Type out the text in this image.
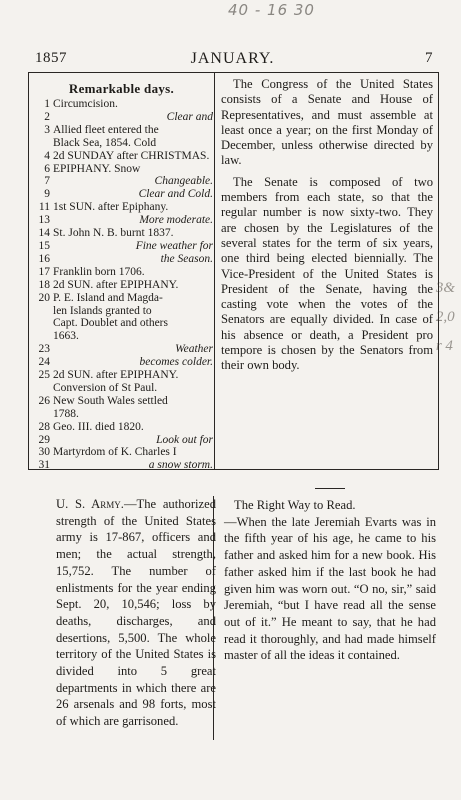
40 - 16 30
3&
2,0
r 4
1857	JANUARY.	7
Remarkable days.
1 Circumcision.
2	Clear and
3 Allied fleet entered the
Black Sea, 1854. Cold
4 2d SUNDAY after CHRISTMAS.
6 EPIPHANY. Snow
7	Changeable.
9	Clear and Cold.
11 1st SUN. after Epiphany.
13	More moderate.
14 St. John N. B. burnt 1837.
15	Fine weather for
16	the Season.
17 Franklin born 1706.
18 2d SUN. after EPIPHANY.
20 P. E. Island and Magda-
len Islands granted to
Capt. Doublet and others
1663.
23	Weather
24	becomes colder.
25 2d SUN. after EPIPHANY.
Conversion of St Paul.
26 New South Wales settled
1788.
28 Geo. III. died 1820.
29	Look out for
30 Martyrdom of K. Charles I
31	a snow storm.

The Congress of the United States consists of a Senate and House of Representatives, and must assemble at least once a year; on the first Monday of December, unless otherwise directed by law.

The Senate is composed of two members from each state, so that the regular number is now sixty-two. They are chosen by the Legislatures of the several states for the term of six years, one third being elected biennially. The Vice-President of the United States is President of the Senate, having the casting vote when the votes of the Senators are equally divided. In case of his absence or death, a President pro tempore is chosen by the Senators from their own body.

U. S. Army.—The authorized strength of the United States army is 17-867, officers and men; the actual strength, 15,752. The number of enlistments for the year ending Sept. 20, 10,546; loss by deaths, discharges, and desertions, 5,500. The whole territory of the United States is divided into 5 great departments in which there are 26 arsenals and 98 forts, most of which are garrisoned.
The Right Way to Read.
—When the late Jeremiah Evarts was in the fifth year of his age, he came to his father and asked him for a new book. His father asked him if the last book he had given him was worn out. “O no, sir,” said Jeremiah, “but I have read all the sense out of it.” He meant to say, that he had read it thoroughly, and had made himself master of all the ideas it contained.
